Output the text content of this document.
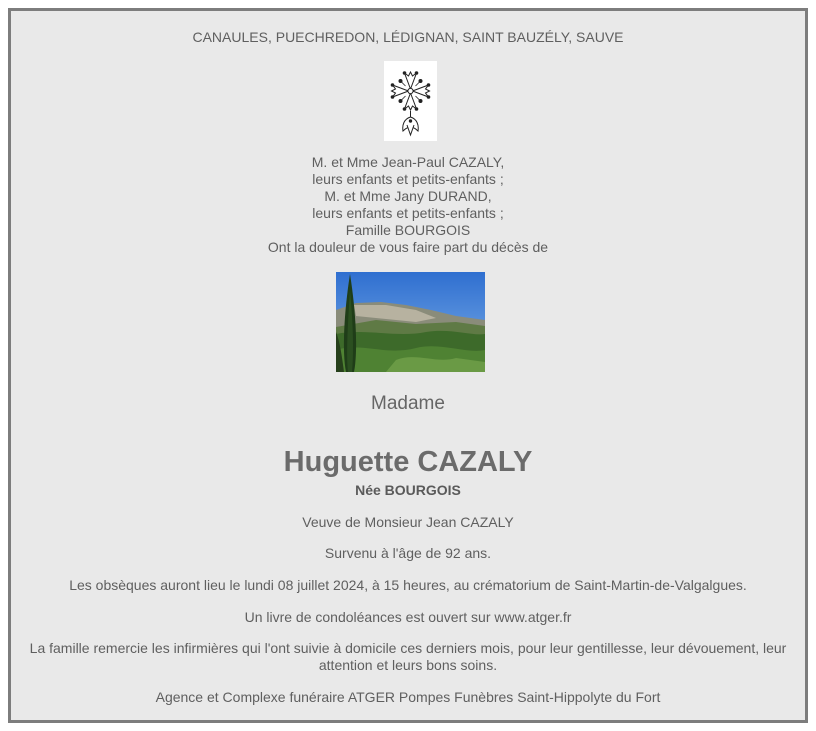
CANAULES, PUECHREDON, LÉDIGNAN, SAINT BAUZÉLY, SAUVE
M. et Mme Jean-Paul CAZALY,
leurs enfants et petits-enfants ;
M. et Mme Jany DURAND,
leurs enfants et petits-enfants ;
Famille BOURGOIS
Ont la douleur de vous faire part du décès de
Madame
Huguette CAZALY
Née BOURGOIS
Veuve de Monsieur Jean CAZALY
Survenu à l'âge de 92 ans.
Les obsèques auront lieu le lundi 08 juillet 2024, à 15 heures, au crématorium de Saint-Martin-de-Valgalgues.
Un livre de condoléances est ouvert sur www.atger.fr
La famille remercie les infirmières qui l'ont suivie à domicile ces derniers mois, pour leur gentillesse, leur dévouement, leur attention et leurs bons soins.
Agence et Complexe funéraire ATGER Pompes Funèbres Saint-Hippolyte du Fort
